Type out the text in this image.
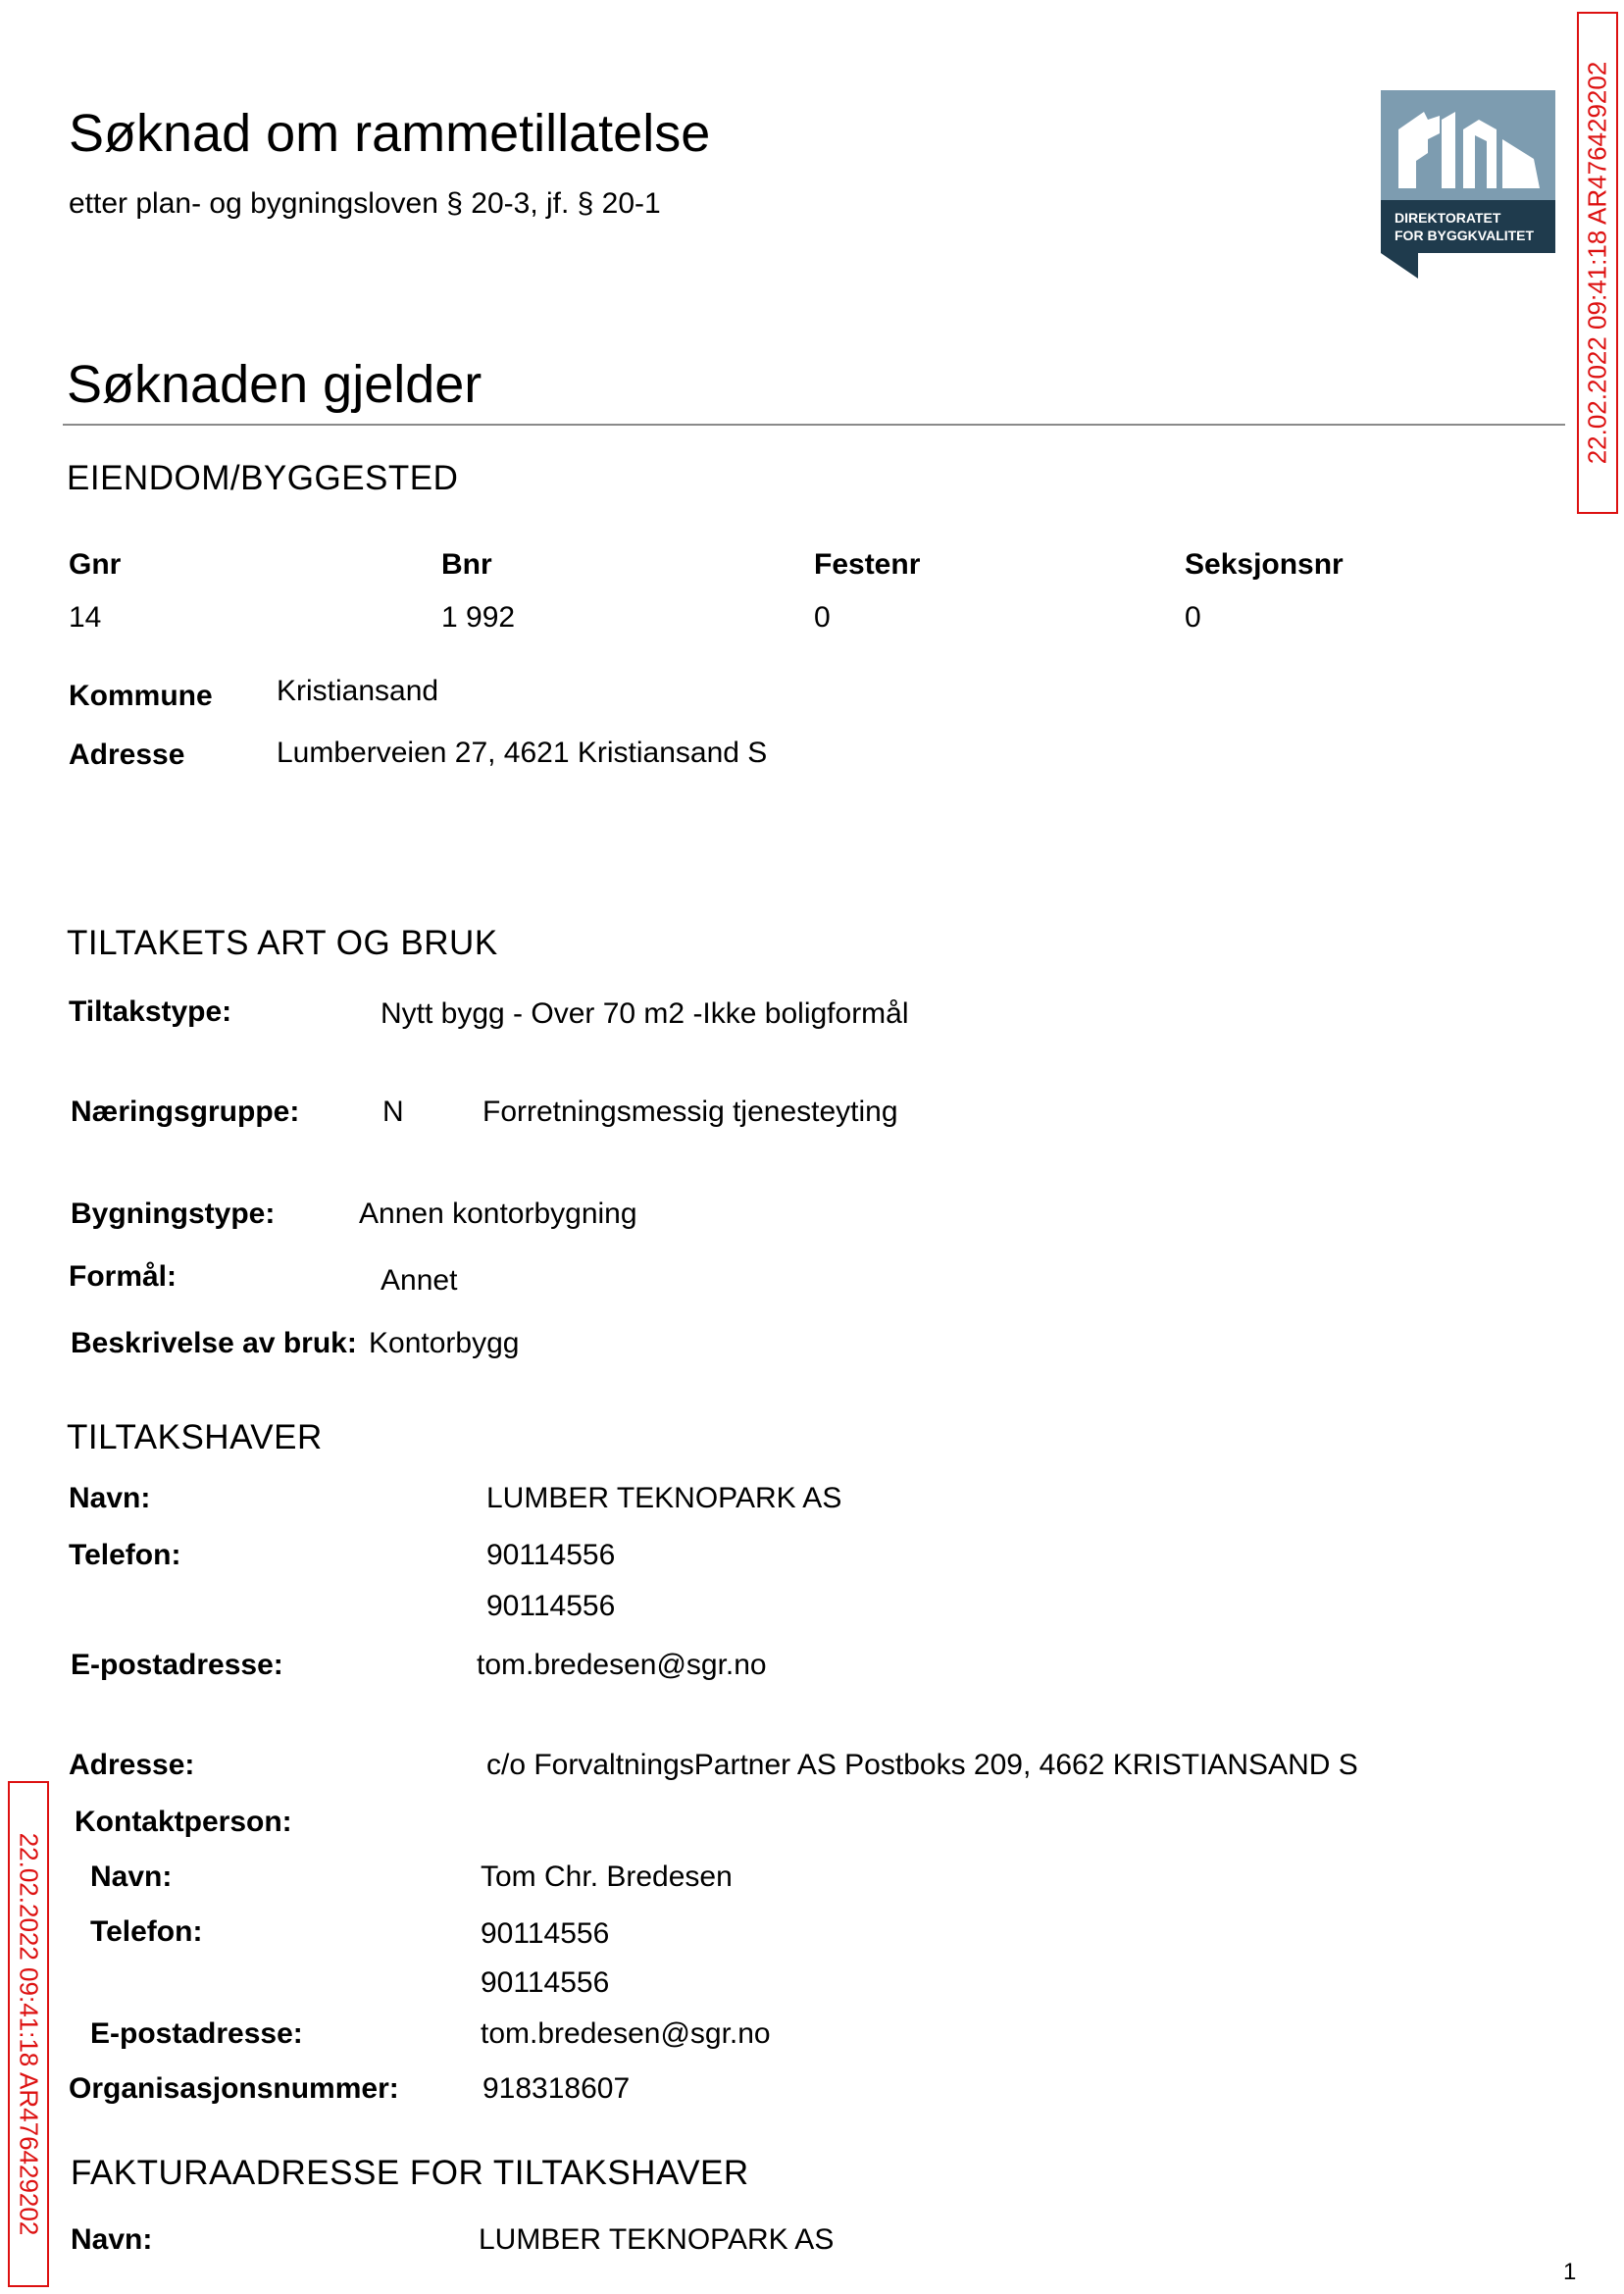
Søknad om rammetillatelse
etter plan- og bygningsloven § 20-3, jf. § 20-1	DIREKTORATET
FOR BYGGKVALITET 22.02.2022 09:41:18 AR476429202
22.02.2022 09:41:18 AR476429202
Søknaden gjelder
EIENDOM/BYGGESTED
Gnr	Bnr	Festenr	Seksjonsnr
14	1 992	0	0
Kommune Kristiansand
Adresse	Lumberveien 27, 4621 Kristiansand S
TILTAKETS ART OG BRUK
Tiltakstype:	Nytt bygg - Over 70 m2 -Ikke boligformål
Næringsgruppe:	N	Forretningsmessig tjenesteyting
Bygningstype:	Annen kontorbygning
Formål:	Annet
Beskrivelse av bruk: Kontorbygg
TILTAKSHAVER
Navn:	LUMBER TEKNOPARK AS
Telefon:	90114556
90114556
E-postadresse:	tom.bredesen@sgr.no
Adresse:	c/o ForvaltningsPartner AS Postboks 209, 4662 KRISTIANSAND S
Kontaktperson:
Navn:	Tom Chr. Bredesen
Telefon:	90114556
90114556
E-postadresse:	tom.bredesen@sgr.no
Organisasjonsnummer:	918318607
FAKTURAADRESSE FOR TILTAKSHAVER
Navn:	LUMBER TEKNOPARK AS
1
